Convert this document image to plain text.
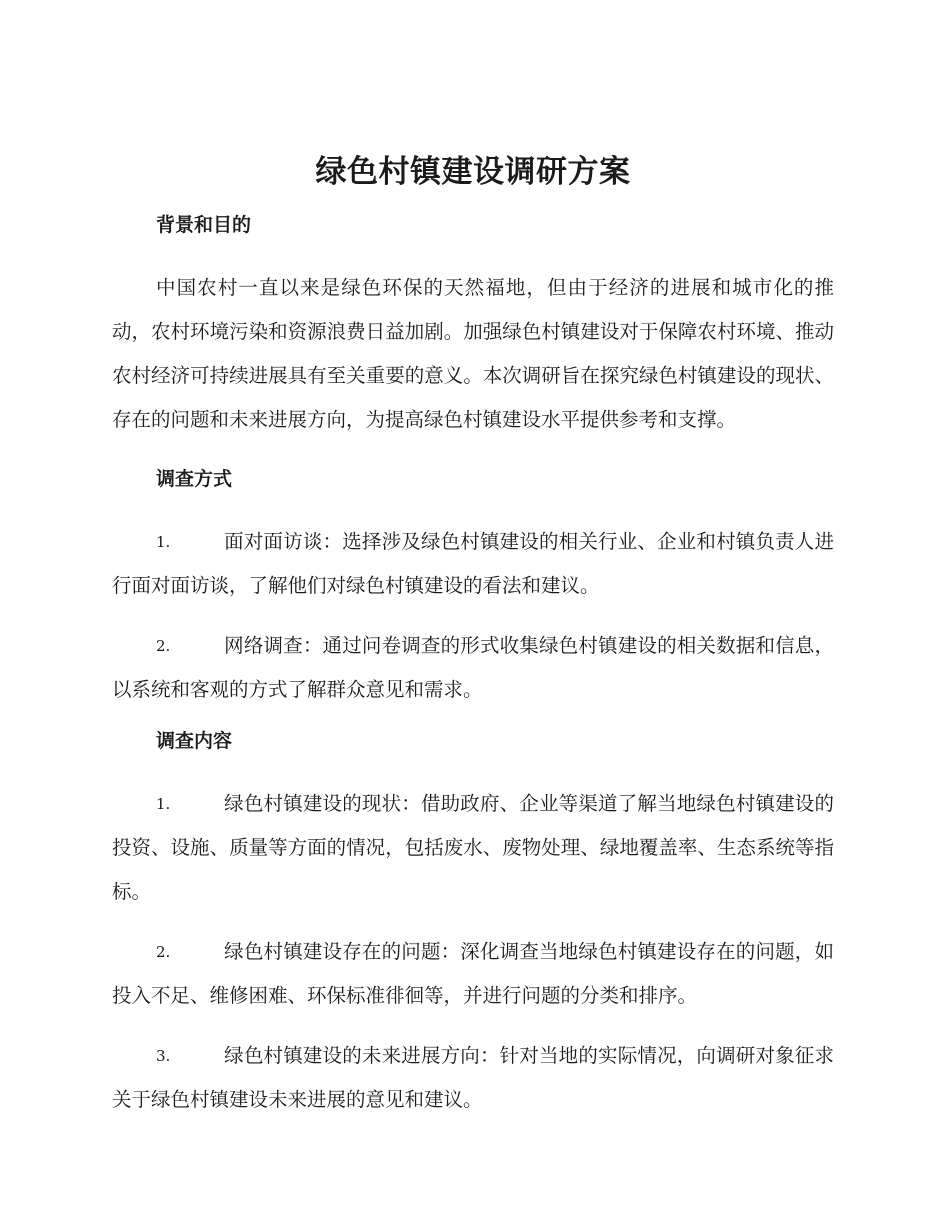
绿色村镇建设调研方案
背景和目的

中国农村一直以来是绿色环保的天然福地，但由于经济的进展和城市化的推动，农村环境污染和资源浪费日益加剧。加强绿色村镇建设对于保障农村环境、推动农村经济可持续进展具有至关重要的意义。本次调研旨在探究绿色村镇建设的现状、存在的问题和未来进展方向，为提高绿色村镇建设水平提供参考和支撑。

调查方式

1.	面对面访谈：选择涉及绿色村镇建设的相关行业、企业和村镇负责人进行面对面访谈，了解他们对绿色村镇建设的看法和建议。

2.	网络调查：通过问卷调查的形式收集绿色村镇建设的相关数据和信息，以系统和客观的方式了解群众意见和需求。

调查内容

1.	绿色村镇建设的现状：借助政府、企业等渠道了解当地绿色村镇建设的投资、设施、质量等方面的情况，包括废水、废物处理、绿地覆盖率、生态系统等指标。

2.	绿色村镇建设存在的问题：深化调查当地绿色村镇建设存在的问题，如投入不足、维修困难、环保标准徘徊等，并进行问题的分类和排序。

3.	绿色村镇建设的未来进展方向：针对当地的实际情况，向调研对象征求关于绿色村镇建设未来进展的意见和建议。
